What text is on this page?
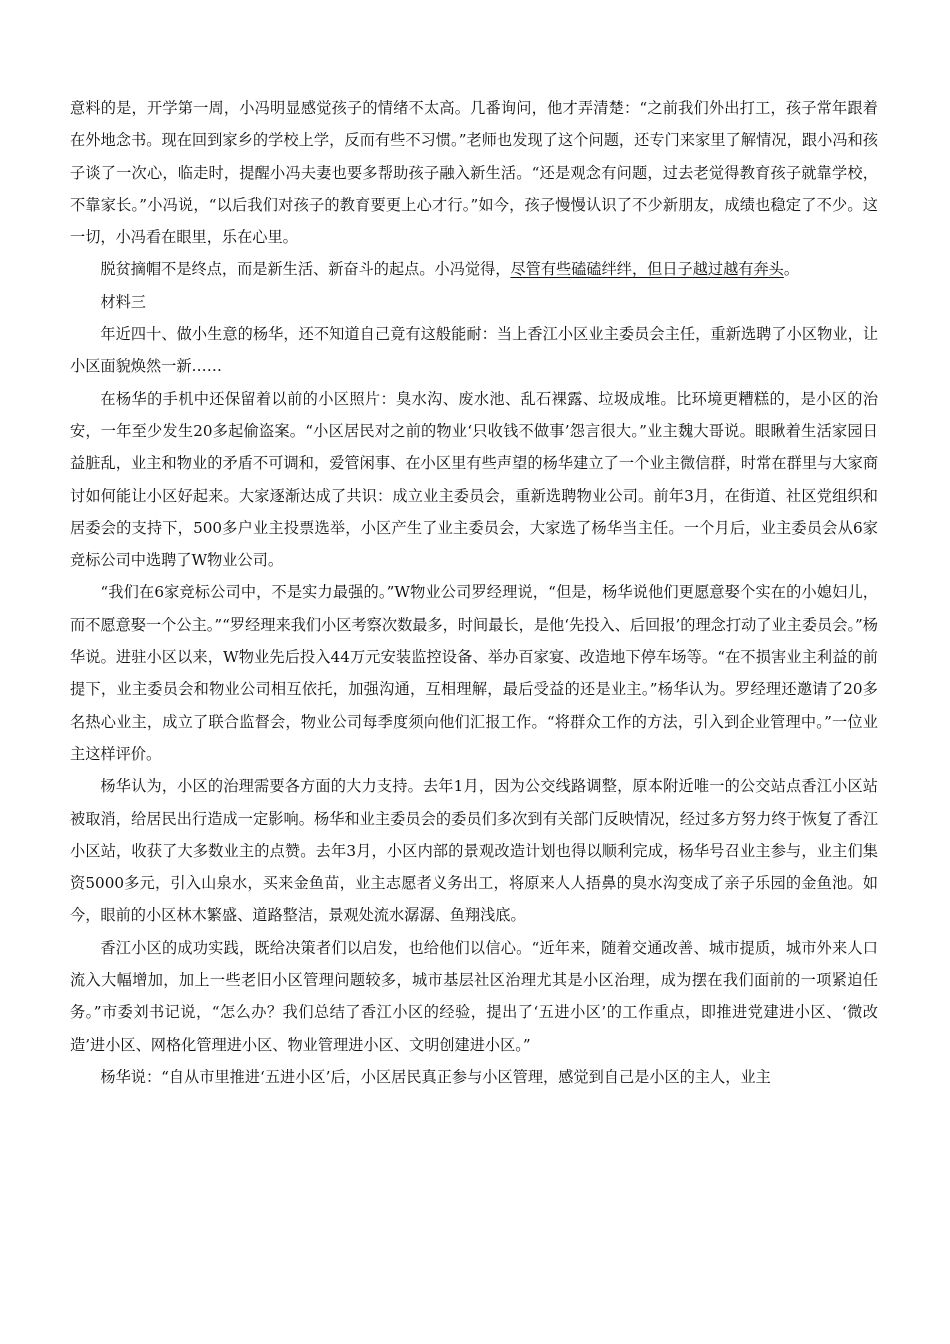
意料的是，开学第一周，小冯明显感觉孩子的情绪不太高。几番询问，他才弄清楚：“之前我们外出打工，孩子常年跟着在外地念书。现在回到家乡的学校上学，反而有些不习惯。”老师也发现了这个问题，还专门来家里了解情况，跟小冯和孩子谈了一次心，临走时，提醒小冯夫妻也要多帮助孩子融入新生活。“还是观念有问题，过去老觉得教育孩子就靠学校，不靠家长。”小冯说，“以后我们对孩子的教育要更上心才行。”如今，孩子慢慢认识了不少新朋友，成绩也稳定了不少。这一切，小冯看在眼里，乐在心里。

脱贫摘帽不是终点，而是新生活、新奋斗的起点。小冯觉得，尽管有些磕磕绊绊，但日子越过越有奔头。

材料三

年近四十、做小生意的杨华，还不知道自己竟有这般能耐：当上香江小区业主委员会主任，重新选聘了小区物业，让小区面貌焕然一新……

在杨华的手机中还保留着以前的小区照片：臭水沟、废水池、乱石裸露、垃圾成堆。比环境更糟糕的，是小区的治安，一年至少发生20多起偷盗案。“小区居民对之前的物业‘只收钱不做事’怨言很大。”业主魏大哥说。眼瞅着生活家园日益脏乱，业主和物业的矛盾不可调和，爱管闲事、在小区里有些声望的杨华建立了一个业主微信群，时常在群里与大家商讨如何能让小区好起来。大家逐渐达成了共识：成立业主委员会，重新选聘物业公司。前年3月，在街道、社区党组织和居委会的支持下，500多户业主投票选举，小区产生了业主委员会，大家选了杨华当主任。一个月后，业主委员会从6家竞标公司中选聘了W物业公司。

“我们在6家竞标公司中，不是实力最强的。”W物业公司罗经理说，“但是，杨华说他们更愿意娶个实在的小媳妇儿，而不愿意娶一个公主。”“罗经理来我们小区考察次数最多，时间最长，是他‘先投入、后回报’的理念打动了业主委员会。”杨华说。进驻小区以来，W物业先后投入44万元安装监控设备、举办百家宴、改造地下停车场等。“在不损害业主利益的前提下，业主委员会和物业公司相互依托，加强沟通，互相理解，最后受益的还是业主。”杨华认为。罗经理还邀请了20多名热心业主，成立了联合监督会，物业公司每季度须向他们汇报工作。“将群众工作的方法，引入到企业管理中。”一位业主这样评价。

杨华认为，小区的治理需要各方面的大力支持。去年1月，因为公交线路调整，原本附近唯一的公交站点香江小区站被取消，给居民出行造成一定影响。杨华和业主委员会的委员们多次到有关部门反映情况，经过多方努力终于恢复了香江小区站，收获了大多数业主的点赞。去年3月，小区内部的景观改造计划也得以顺利完成，杨华号召业主参与，业主们集资5000多元，引入山泉水，买来金鱼苗，业主志愿者义务出工，将原来人人捂鼻的臭水沟变成了亲子乐园的金鱼池。如今，眼前的小区林木繁盛、道路整洁，景观处流水潺潺、鱼翔浅底。

香江小区的成功实践，既给决策者们以启发，也给他们以信心。“近年来，随着交通改善、城市提质，城市外来人口流入大幅增加，加上一些老旧小区管理问题较多，城市基层社区治理尤其是小区治理，成为摆在我们面前的一项紧迫任务。”市委刘书记说，“怎么办？我们总结了香江小区的经验，提出了‘五进小区’的工作重点，即推进党建进小区、‘微改造’进小区、网格化管理进小区、物业管理进小区、文明创建进小区。”

杨华说：“自从市里推进‘五进小区’后，小区居民真正参与小区管理，感觉到自己是小区的主人，业主
